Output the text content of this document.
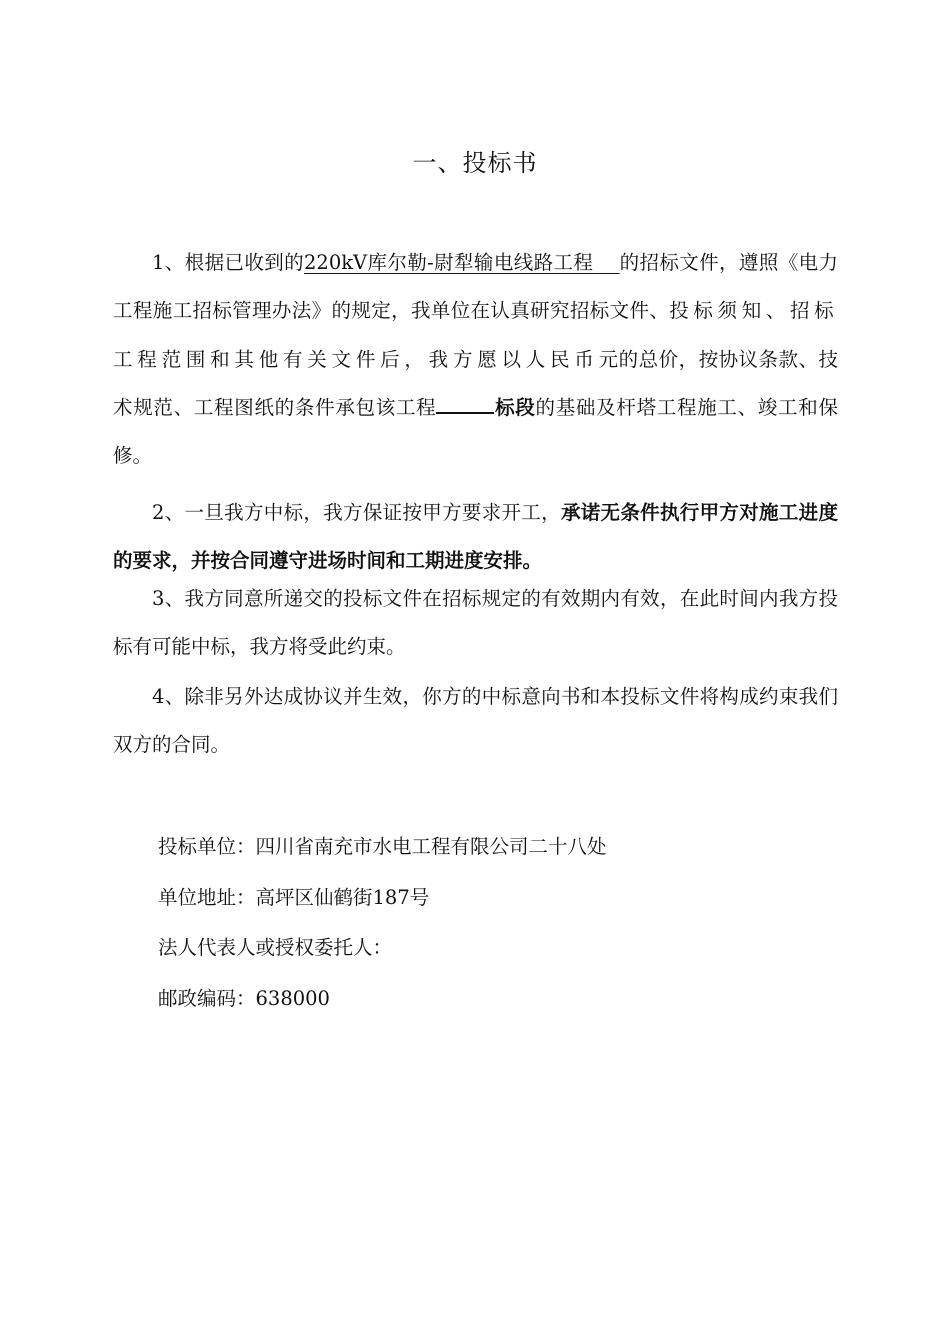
一、投标书

1、根据已收到的220kV库尔勒-尉犁输电线路工程 的招标文件，遵照《电力工程施工招标管理办法》的规定，我单位在认真研究招标文件、投标须知、招标工程范围和其他有关文件后，我方愿以人民币元的总价，按协议条款、技术规范、工程图纸的条件承包该工程	标段的基础及杆塔工程施工、竣工和保修。

2、一旦我方中标，我方保证按甲方要求开工，承诺无条件执行甲方对施工进度的要求，并按合同遵守进场时间和工期进度安排。

3、我方同意所递交的投标文件在招标规定的有效期内有效，在此时间内我方投标有可能中标，我方将受此约束。

4、除非另外达成协议并生效，你方的中标意向书和本投标文件将构成约束我们双方的合同。

投标单位：四川省南充市水电工程有限公司二十八处

单位地址：高坪区仙鹤街187号

法人代表人或授权委托人：

邮政编码：638000
